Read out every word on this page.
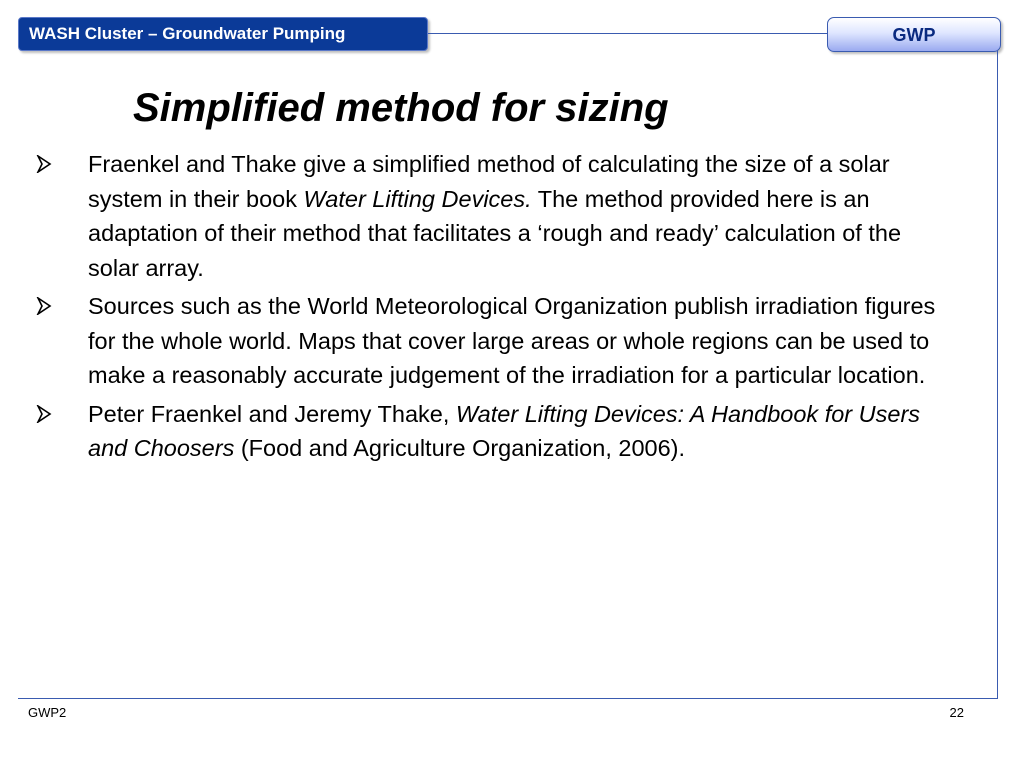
WASH Cluster – Groundwater Pumping	GWP
Simplified method for sizing
Fraenkel and Thake give a simplified method of calculating the size of a solar system in their book Water Lifting Devices. The method provided here is an adaptation of their method that facilitates a ‘rough and ready’ calculation of the solar array.
Sources such as the World Meteorological Organization publish irradiation figures for the whole world. Maps that cover large areas or whole regions can be used to make a reasonably accurate judgement of the irradiation for a particular location.
Peter Fraenkel and Jeremy Thake, Water Lifting Devices: A Handbook for Users and Choosers (Food and Agriculture Organization, 2006).
GWP2	22
